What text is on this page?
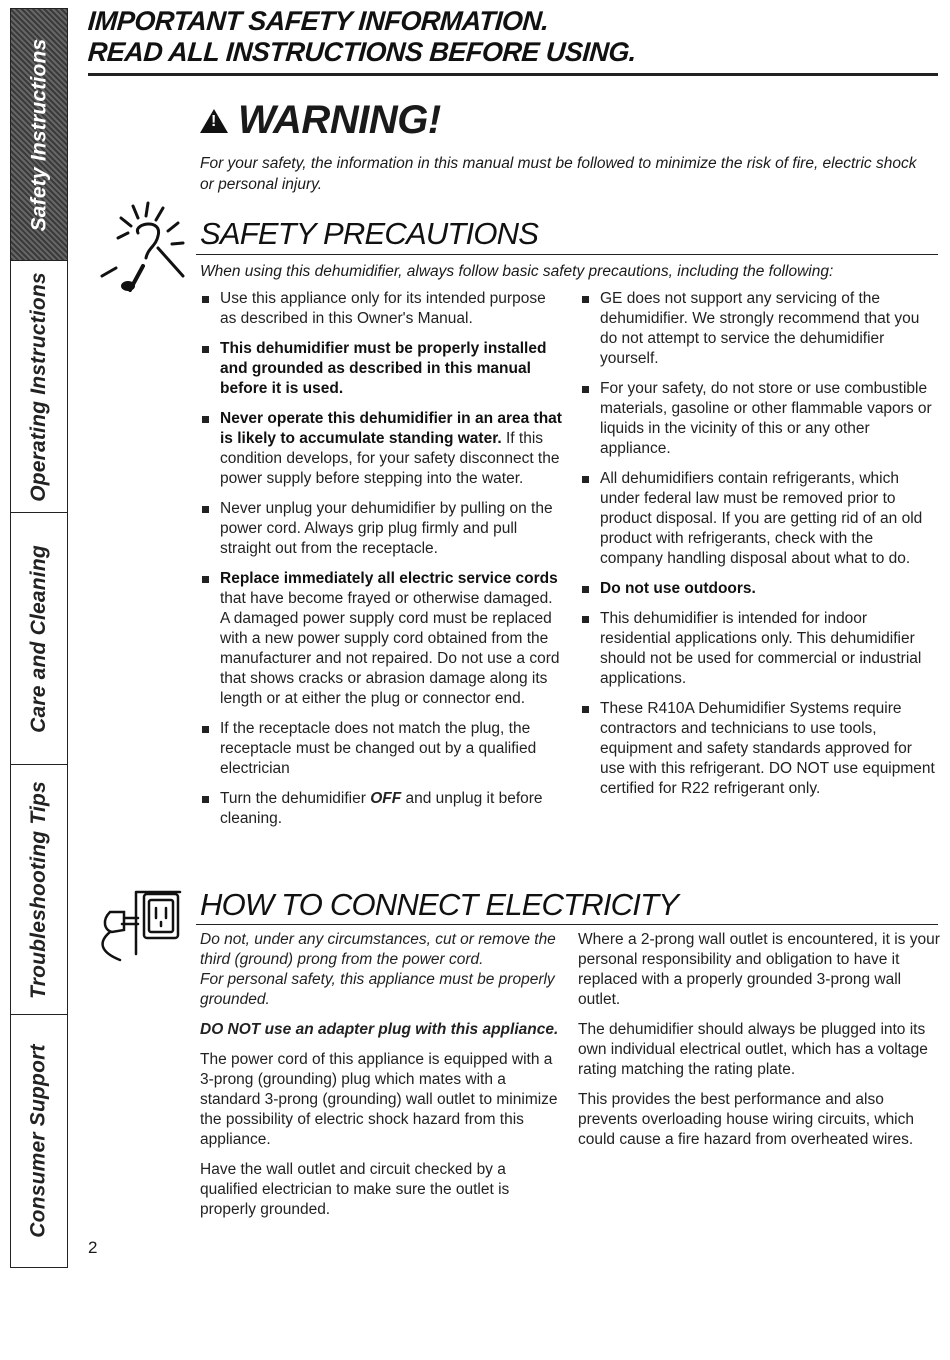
Safety Instructions
Operating Instructions
Care and Cleaning
Troubleshooting Tips
Consumer Support
IMPORTANT SAFETY INFORMATION.
READ ALL INSTRUCTIONS BEFORE USING.
!
WARNING!
For your safety, the information in this manual must be followed to minimize the risk of fire, electric shock or personal injury.
SAFETY PRECAUTIONS
When using this dehumidifier, always follow basic safety precautions, including the following:
Use this appliance only for its intended purpose as described in this Owner's Manual.
This dehumidifier must be properly installed and grounded as described in this manual before it is used.
Never operate this dehumidifier in an area that is likely to accumulate standing water. If this condition develops, for your safety disconnect the power supply before stepping into the water.
Never unplug your dehumidifier by pulling on the power cord. Always grip plug firmly and pull straight out from the receptacle.
Replace immediately all electric service cords that have become frayed or otherwise damaged. A damaged power supply cord must be replaced with a new power supply cord obtained from the manufacturer and not repaired. Do not use a cord that shows cracks or abrasion damage along its length or at either the plug or connector end.
If the receptacle does not match the plug, the receptacle must be changed out by a qualified electrician
Turn the dehumidifier OFF and unplug it before cleaning.
GE does not support any servicing of the dehumidifier. We strongly recommend that you do not attempt to service the dehumidifier yourself.
For your safety, do not store or use combustible materials, gasoline or other flammable vapors or liquids in the vicinity of this or any other appliance.
All dehumidifiers contain refrigerants, which under federal law must be removed prior to product disposal. If you are getting rid of an old product with refrigerants, check with the company handling disposal about what to do.
Do not use outdoors.
This dehumidifier is intended for indoor residential applications only. This dehumidifier should not be used for commercial or industrial applications.
These R410A Dehumidifier Systems require contractors and technicians to use tools, equipment and safety standards approved for use with this refrigerant. DO NOT use equipment certified for R22 refrigerant only.
HOW TO CONNECT ELECTRICITY
Do not, under any circumstances, cut or remove the third (ground) prong from the power cord.
For personal safety, this appliance must be properly grounded.
DO NOT use an adapter plug with this appliance.
The power cord of this appliance is equipped with a 3-prong (grounding) plug which mates with a standard 3-prong (grounding) wall outlet to minimize the possibility of electric shock hazard from this appliance.
Have the wall outlet and circuit checked by a qualified electrician to make sure the outlet is properly grounded.
Where a 2-prong wall outlet is encountered, it is your personal responsibility and obligation to have it replaced with a properly grounded 3-prong wall outlet.
The dehumidifier should always be plugged into its own individual electrical outlet, which has a voltage rating matching the rating plate.
This provides the best performance and also prevents overloading house wiring circuits, which could cause a fire hazard from overheated wires.
2
